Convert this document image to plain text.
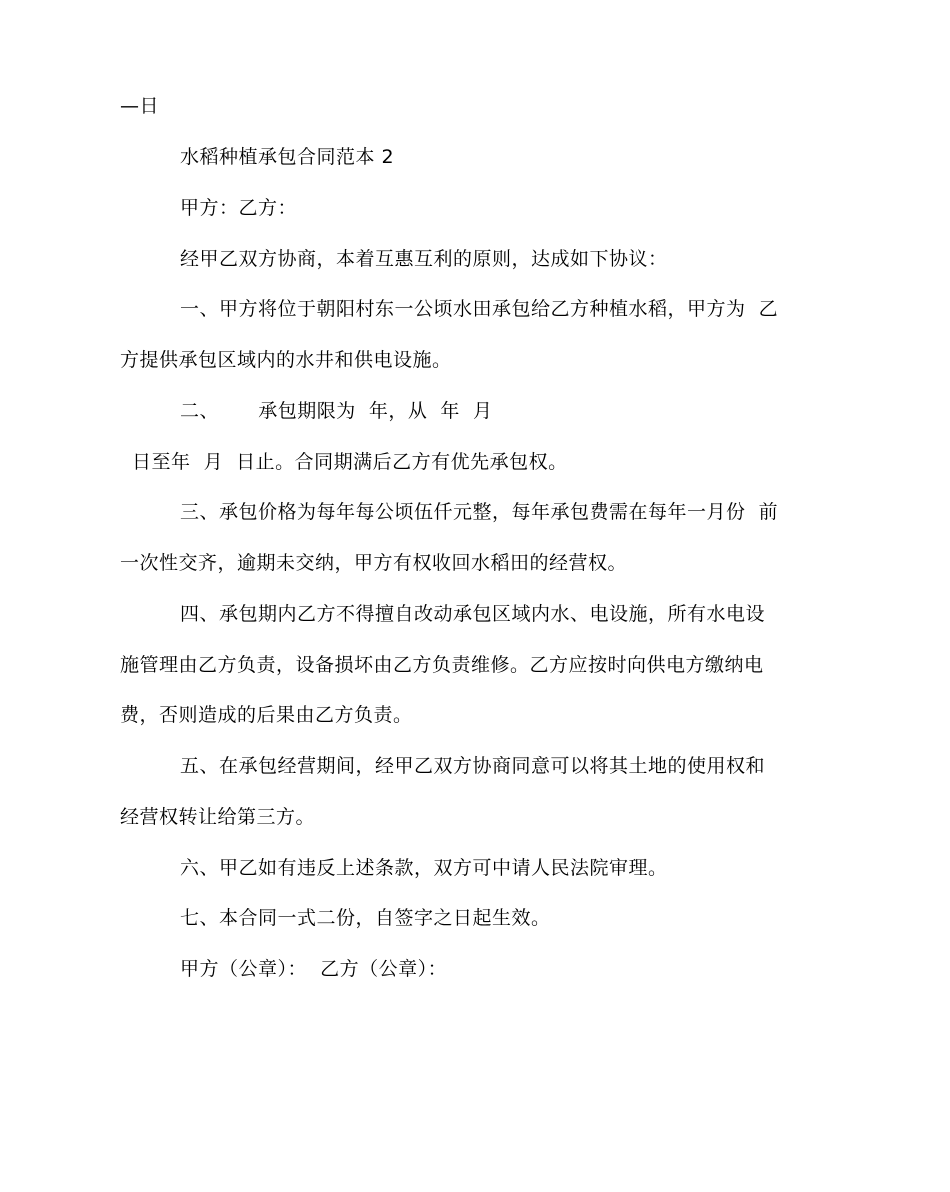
—日
水稻种植承包合同范本 2
甲方：乙方：
经甲乙双方协商，本着互惠互利的原则，达成如下协议：
一、甲方将位于朝阳村东一公顷水田承包给乙方种植水稻，甲方为  乙
方提供承包区域内的水井和供电设施。
二、      承包期限为  年，从  年  月
日至年  月  日止。合同期满后乙方有优先承包权。
三、承包价格为每年每公顷伍仟元整，每年承包费需在每年一月份  前
一次性交齐，逾期未交纳，甲方有权收回水稻田的经营权。
四、承包期内乙方不得擅自改动承包区域内水、电设施，所有水电设
施管理由乙方负责，设备损坏由乙方负责维修。乙方应按时向供电方缴纳电
费，否则造成的后果由乙方负责。
五、在承包经营期间，经甲乙双方协商同意可以将其土地的使用权和
经营权转让给第三方。
六、甲乙如有违反上述条款，双方可中请人民法院审理。
七、本合同一式二份，自签字之日起生效。
甲方（公章）：  乙方（公章）：
